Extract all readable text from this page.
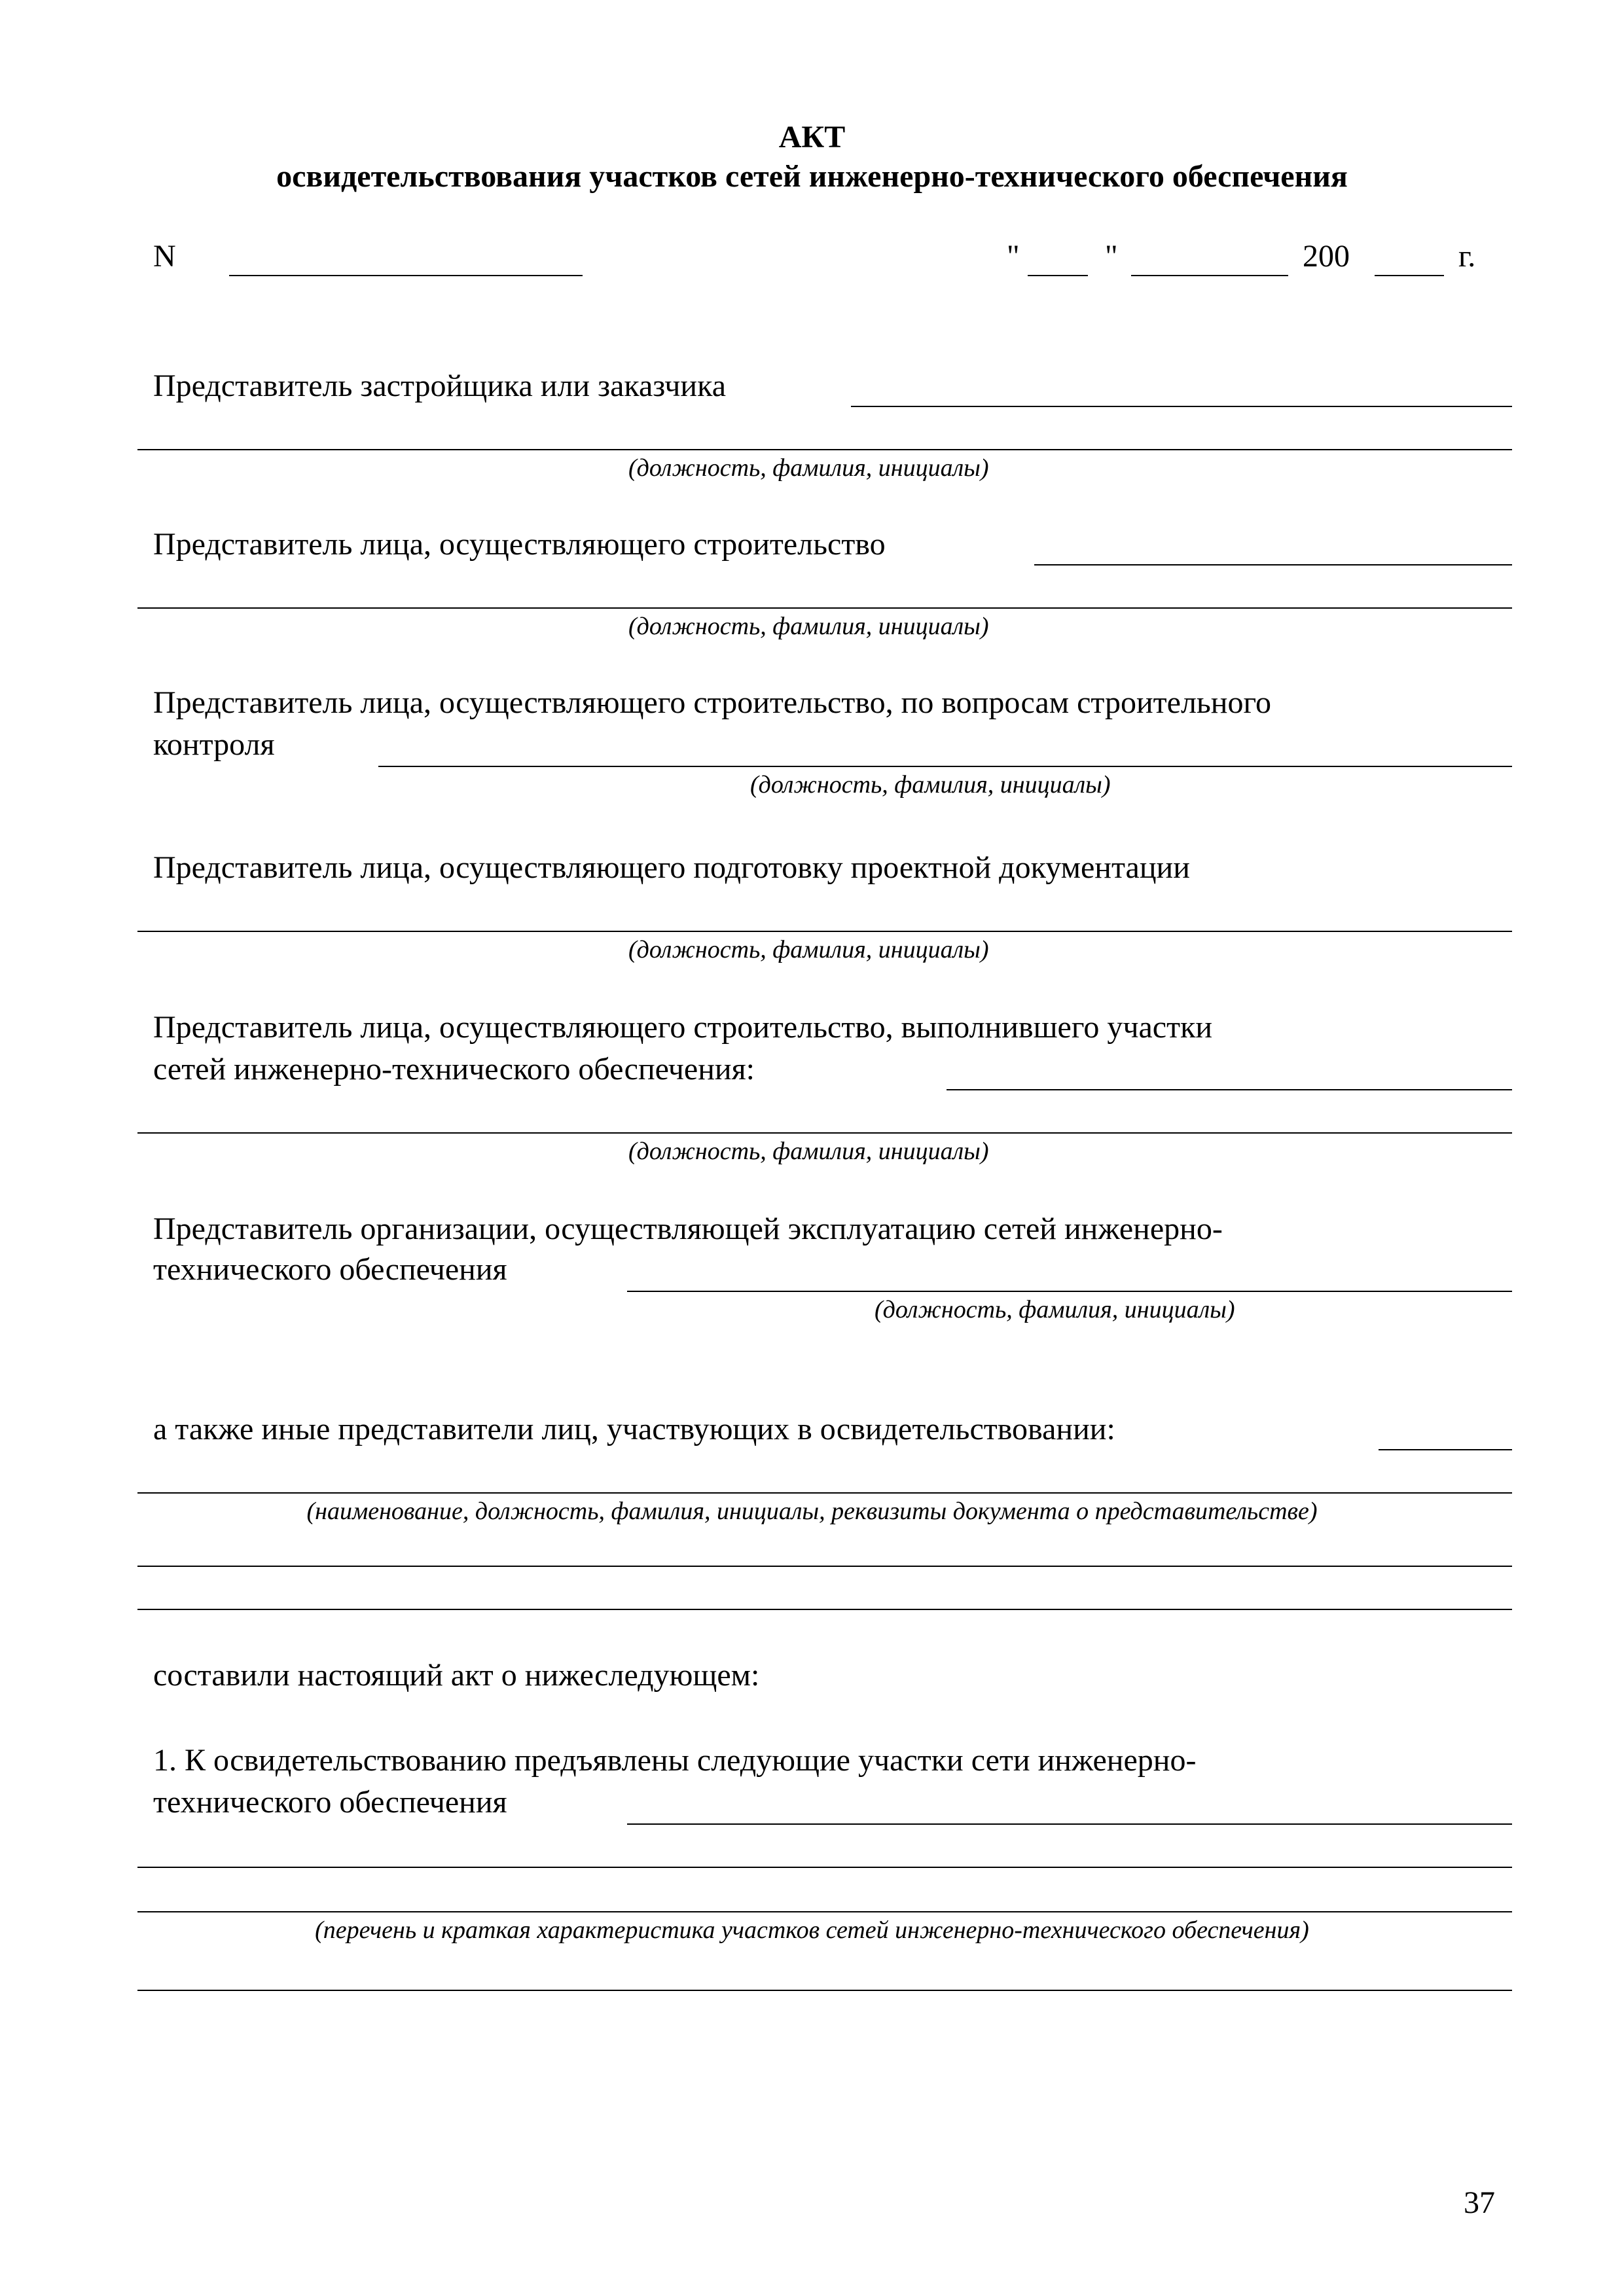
АКТ
освидетельствования участков сетей инженерно-технического обеспечения
N	"	"	200	г.
Представитель застройщика или заказчика
(должность, фамилия, инициалы)
Представитель лица, осуществляющего строительство
(должность, фамилия, инициалы)
Представитель лица, осуществляющего строительство, по вопросам строительного
контроля
(должность, фамилия, инициалы)
Представитель лица, осуществляющего подготовку проектной документации
(должность, фамилия, инициалы)
Представитель лица, осуществляющего строительство, выполнившего участки
сетей инженерно-технического обеспечения:
(должность, фамилия, инициалы)
Представитель организации, осуществляющей эксплуатацию сетей инженерно-
технического обеспечения
(должность, фамилия, инициалы)
а также иные представители лиц, участвующих в освидетельствовании:
(наименование, должность, фамилия, инициалы, реквизиты документа о представительстве)
составили настоящий акт о нижеследующем:
1. К освидетельствованию предъявлены следующие участки сети инженерно-
технического обеспечения
(перечень и краткая характеристика участков сетей инженерно-технического обеспечения)
37
